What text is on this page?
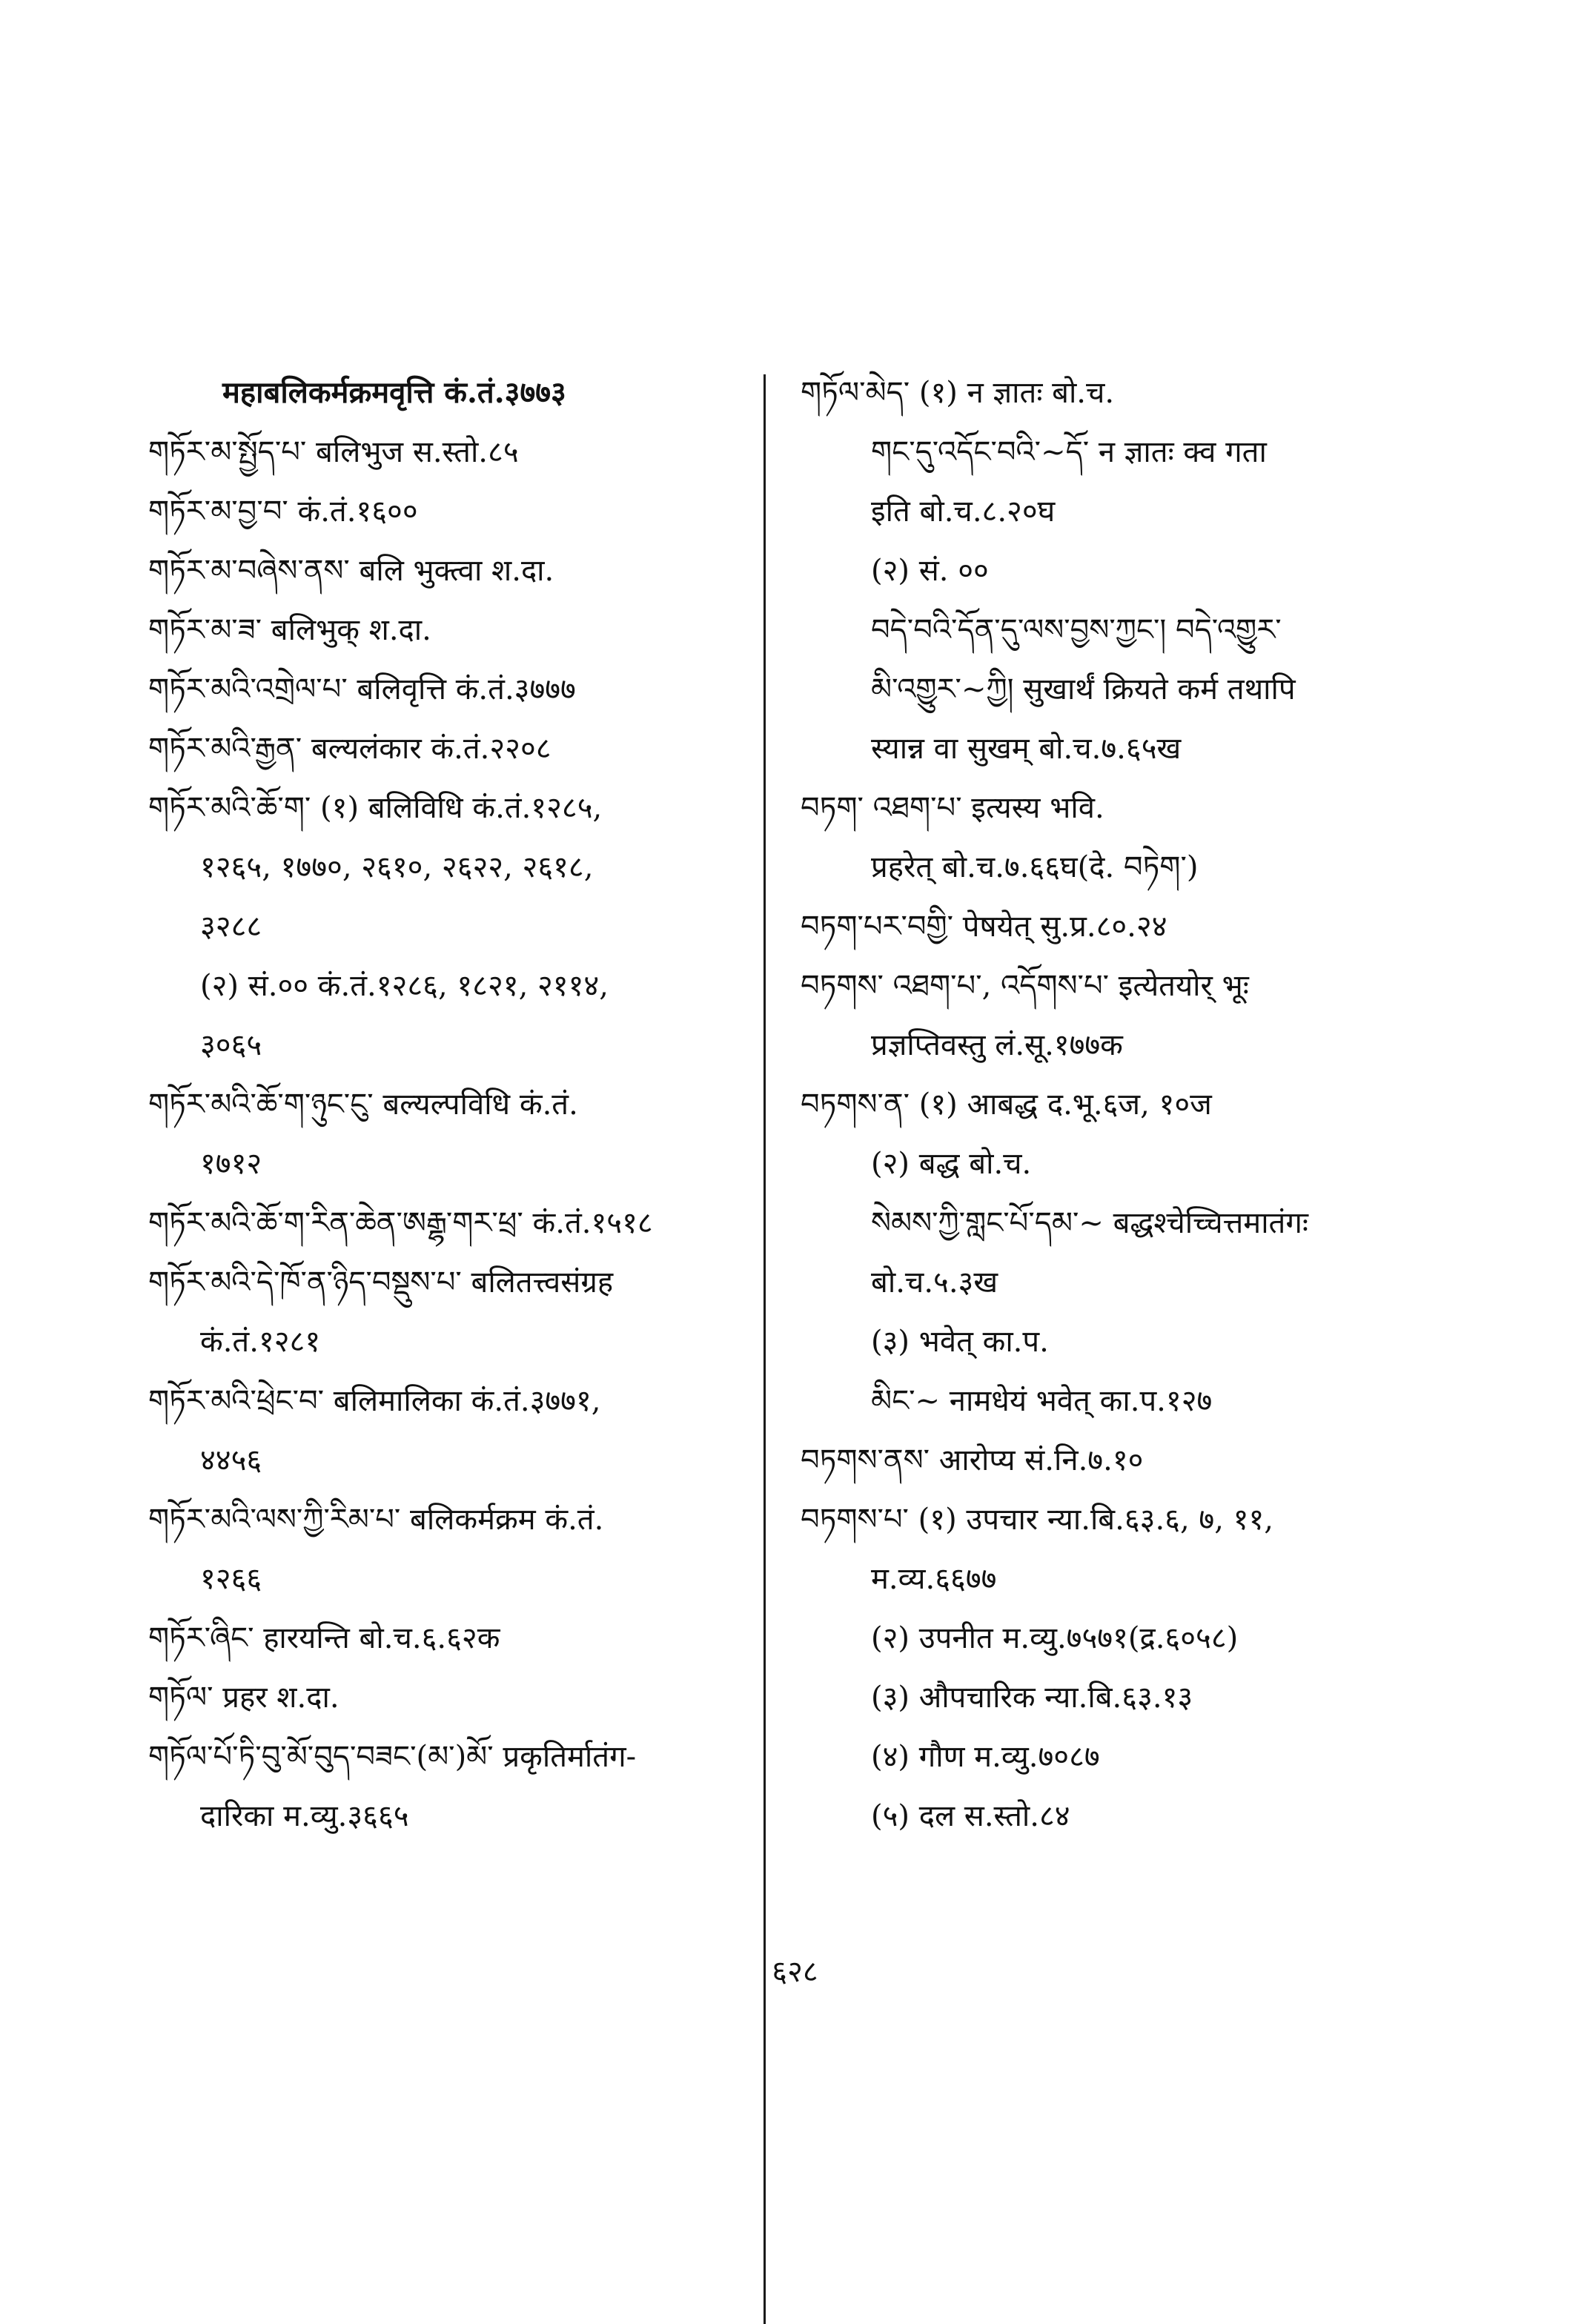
महाबलिकर्मक्रमवृत्ति कं.तं.३७७३
གཏོར་མ་སྤྱོད་པ་ बलिभुज स.स्तो.८५
གཏོར་མ་བྱ་བ་ कं.तं.१६००
གཏོར་མ་བཞེས་ནས་ बलि भुक्त्वा श.दा.
གཏོར་མ་ཟ་ बलिभुक् श.दा.
གཏོར་མའི་འགྲེལ་པ་ बलिवृत्ति कं.तं.३७७७
གཏོར་མའི་རྒྱན་ बल्यलंकार कं.तं.२२०८
གཏོར་མའི་ཆོ་ག་ (१) बलिविधि कं.तं.१२८५,
१२६५, १७७०, २६१०, २६२२, २६१८,
३२८८
(२) सं.०० कं.तं.१२८६, १८२१, २११४,
३०६५
གཏོར་མའི་ཆོ་ག་ཉུང་ངུ་ बल्यल्पविधि कं.तं.
१७१२
གཏོར་མའི་ཆོ་ག་རིན་ཆེན་ཨརྒྷ་གར་ཕྲ་ कं.तं.१५१८
གཏོར་མའི་དེ་ཁོ་ན་ཉིད་བསྡུས་པ་ बलितत्त्वसंग्रह
कं.तं.१२८१
གཏོར་མའི་ཕྲེང་བ་ बलिमालिका कं.तं.३७७१,
४४५६
གཏོར་མའི་ལས་ཀྱི་རིམ་པ་ बलिकर्मक्रम कं.तं.
१२६६
གཏོར་ཞིང་ हारयन्ति बो.च.६.६२क
གཏོལ་ प्रहर श.दा.
གཏོལ་པོ་ཏི་བུ་མོ་བུད་བཟང་(མ་)མོ་ प्रकृतिर्मातंग-
दारिका म.व्यु.३६६५
གཏོལ་མེད་ (१) न ज्ञातः बो.च.
གང་དུ་འདོང་བའི་~དོ་ न ज्ञातः क्व गता
इति बो.च.८.२०घ
(२) सं. ००
བདེ་བའི་དོན་དུ་ལས་བྱས་ཀྱང་། བདེ་འགྱུར་
མི་འགྱུར་~ཀྱི། सुखार्थं क्रियते कर्म तथापि
स्यान्न वा सुखम् बो.च.७.६५ख
བཏག་ འཐག་པ་ इत्यस्य भवि.
प्रहरेत् बो.च.७.६६घ(दे. བཏེག་)
བཏག་པར་བགྱི་ पेषयेत् सु.प्र.८०.२४
བཏགས་ འཐག་པ་, འདོགས་པ་ इत्येतयोर् भूः
प्रज्ञप्तिवस्तु लं.सू.१७७क
བཏགས་ན་ (१) आबद्ध द.भू.६ज, १०ज
(२) बद्ध बो.च.
སེམས་ཀྱི་གླང་པོ་དམ་~ बद्धश्चेच्चित्तमातंगः
बो.च.५.३ख
(३) भवेत् का.प.
མིང་~ नामधेयं भवेत् का.प.१२७
བཏགས་ནས་ आरोप्य सं.नि.७.१०
བཏགས་པ་ (१) उपचार न्या.बि.६३.६, ७, ११,
म.व्य.६६७७
(२) उपनीत म.व्यु.७५७१(द्र.६०५८)
(३) औपचारिक न्या.बि.६३.१३
(४) गौण म.व्यु.७०८७
(५) दल स.स्तो.८४
६२८
